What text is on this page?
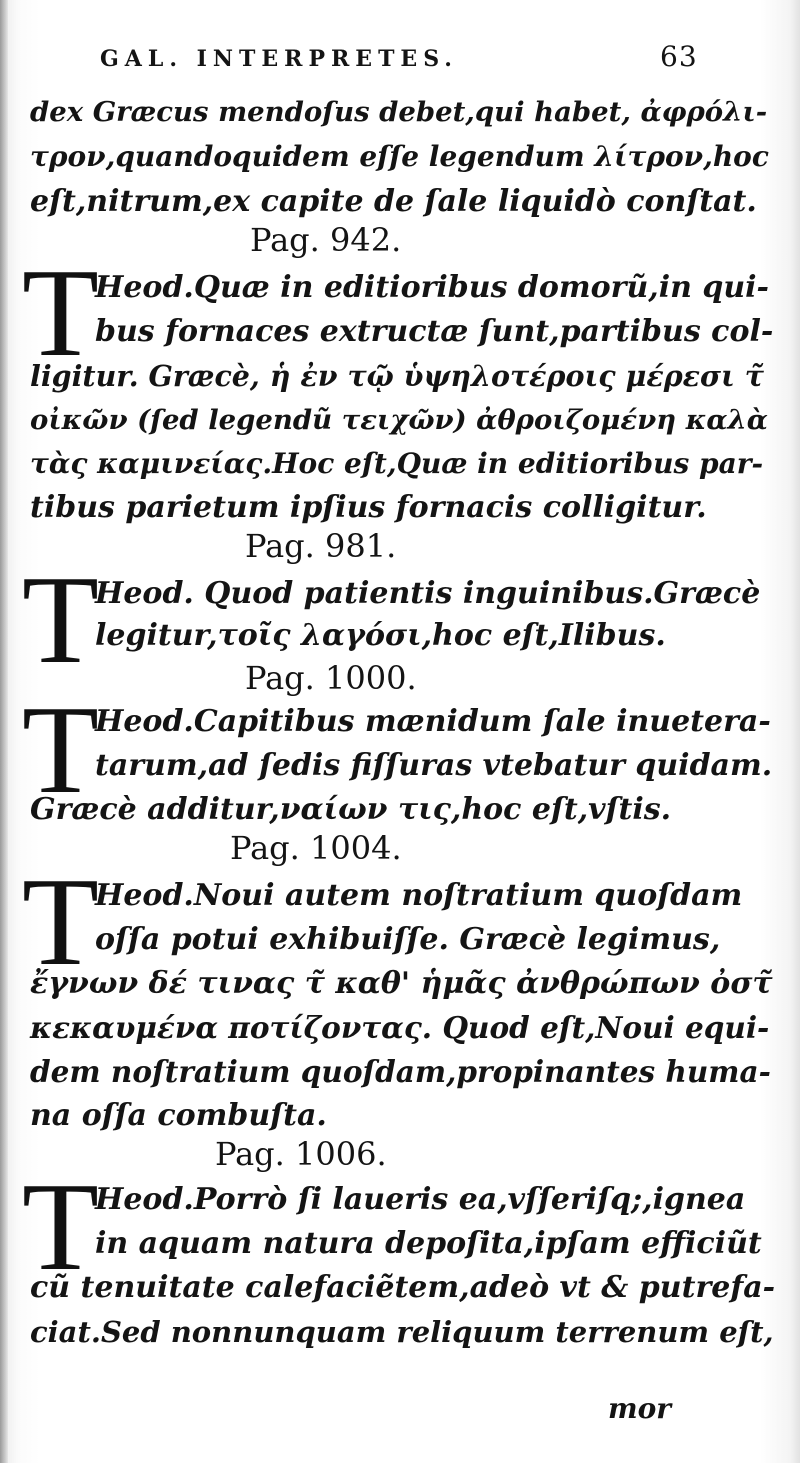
GAL. INTERPRETES.	63
dex Græcus mendoſus debet,qui habet, ἀφρόλι-
τρον,quandoquidem eſſe legendum λίτρον,hoc
eſt,nitrum,ex capite de ſale liquidò conſtat.
Pag. 942.
T
Heod.Quæ in editioribus domorũ,in qui-
bus fornaces extructæ ſunt,partibus col-
ligitur. Græcè, ἡ ἐν τῷ ὑψηλοτέροις μέρεσι τ̃
οἰκῶν (ſed legendũ τειχῶν) ἀθροιζομένη καλὰ
τὰς καμινείας.Hoc eſt,Quæ in editioribus par-
tibus parietum ipſius fornacis colligitur.
Pag. 981.
T
Heod. Quod patientis inguinibus.Græcè
legitur,τοῖς λαγόσι,hoc eſt,Ilibus.
Pag. 1000.
T
Heod.Capitibus mænidum ſale inuetera-
tarum,ad ſedis fiſſuras vtebatur quidam.
Græcè additur,ναίων τις,hoc eſt,vſtis.
Pag. 1004.
T
Heod.Noui autem noſtratium quoſdam
oſſa potui exhibuiſſe. Græcè legimus,
ἔγνων δέ τινας τ̃ καθ' ἡμᾶς ἀνθρώπων ὀστ̃
κεκαυμένα ποτίζοντας. Quod eſt,Noui equi-
dem noſtratium quoſdam,propinantes huma-
na oſſa combuſta.
Pag. 1006.
T
Heod.Porrò ſi laueris ea,vſſeriſq;,ignea
in aquam natura depoſita,ipſam efficiũt
cũ tenuitate calefaciẽtem,adeò vt & putrefa-
ciat.Sed nonnunquam reliquum terrenum eſt,
mor
